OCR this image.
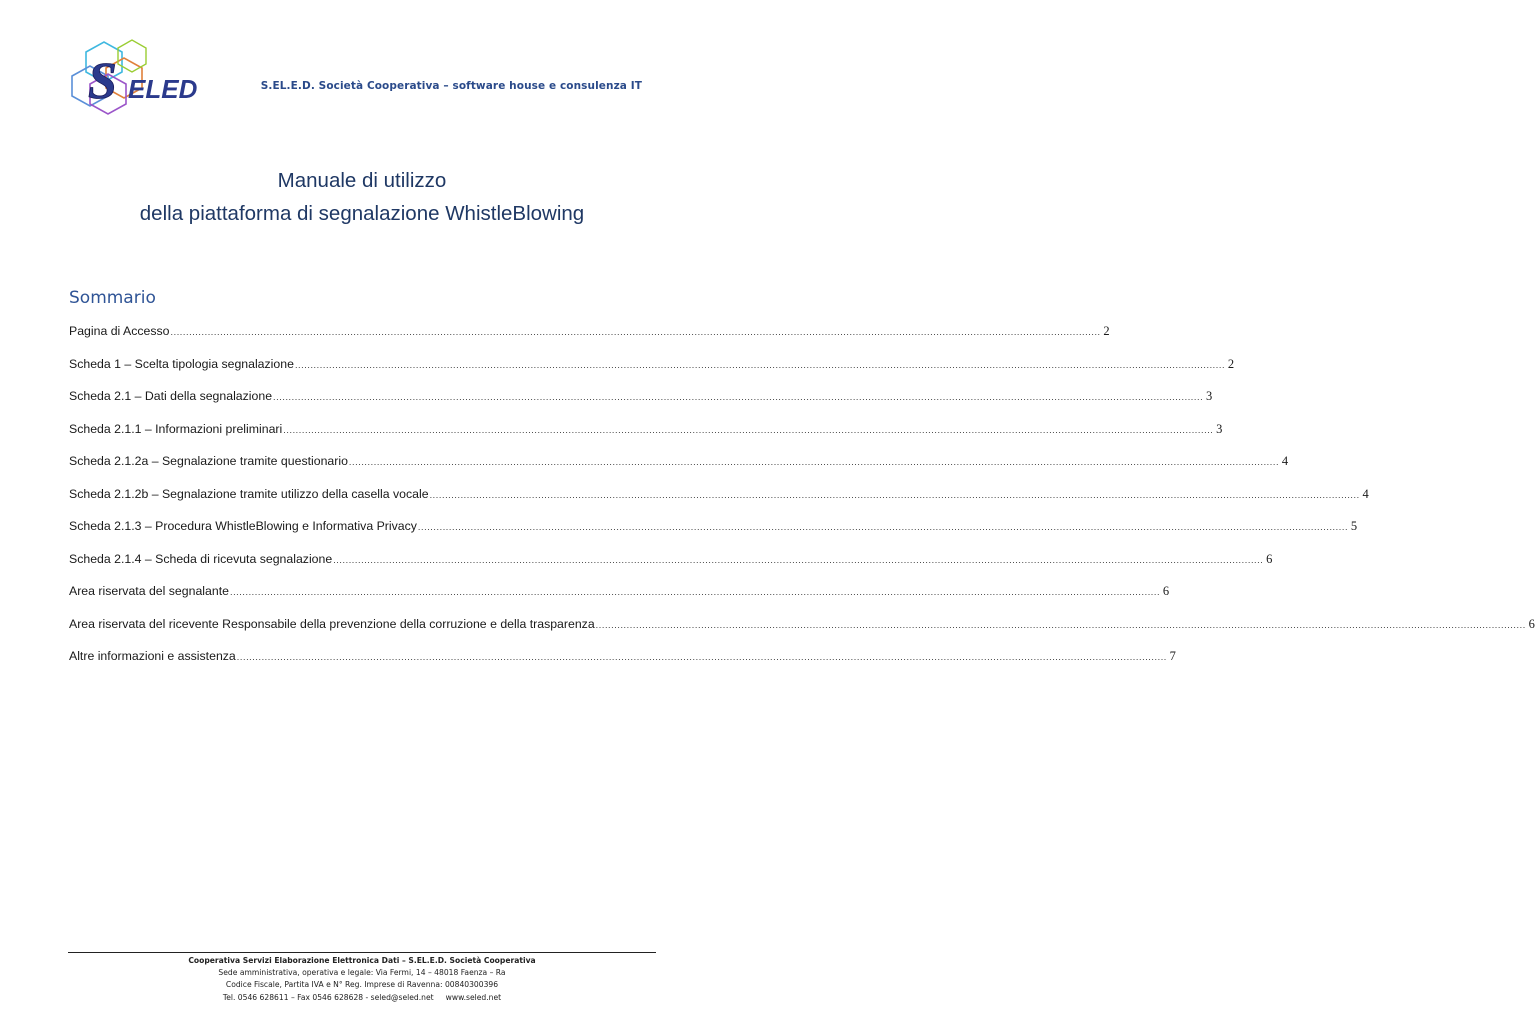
S ELED	S.EL.E.D. Società Cooperativa – software house e consulenza IT
Manuale di utilizzo
della piattaforma di segnalazione WhistleBlowing
Sommario
Pagina di Accesso ............................................................................................................................................................................................................................................................................................................ 2
Scheda 1 – Scelta tipologia segnalazione ............................................................................................................................................................................................................................................................................................................ 2
Scheda 2.1 – Dati della segnalazione ............................................................................................................................................................................................................................................................................................................ 3
Scheda 2.1.1 – Informazioni preliminari ............................................................................................................................................................................................................................................................................................................ 3
Scheda 2.1.2a – Segnalazione tramite questionario ............................................................................................................................................................................................................................................................................................................ 4
Scheda 2.1.2b – Segnalazione tramite utilizzo della casella vocale ............................................................................................................................................................................................................................................................................................................ 4
Scheda 2.1.3 – Procedura WhistleBlowing e Informativa Privacy ............................................................................................................................................................................................................................................................................................................ 5
Scheda 2.1.4 – Scheda di ricevuta segnalazione ............................................................................................................................................................................................................................................................................................................ 6
Area riservata del segnalante ............................................................................................................................................................................................................................................................................................................ 6
Area riservata del ricevente Responsabile della prevenzione della corruzione e della trasparenza ............................................................................................................................................................................................................................................................................................................ 6
Altre informazioni e assistenza ............................................................................................................................................................................................................................................................................................................ 7
Cooperativa Servizi Elaborazione Elettronica Dati – S.EL.E.D. Società Cooperativa
Sede amministrativa, operativa e legale: Via Fermi, 14 – 48018 Faenza – Ra
Codice Fiscale, Partita IVA e N° Reg. Imprese di Ravenna: 00840300396
Tel. 0546 628611 – Fax 0546 628628 - seled@seled.net     www.seled.net
